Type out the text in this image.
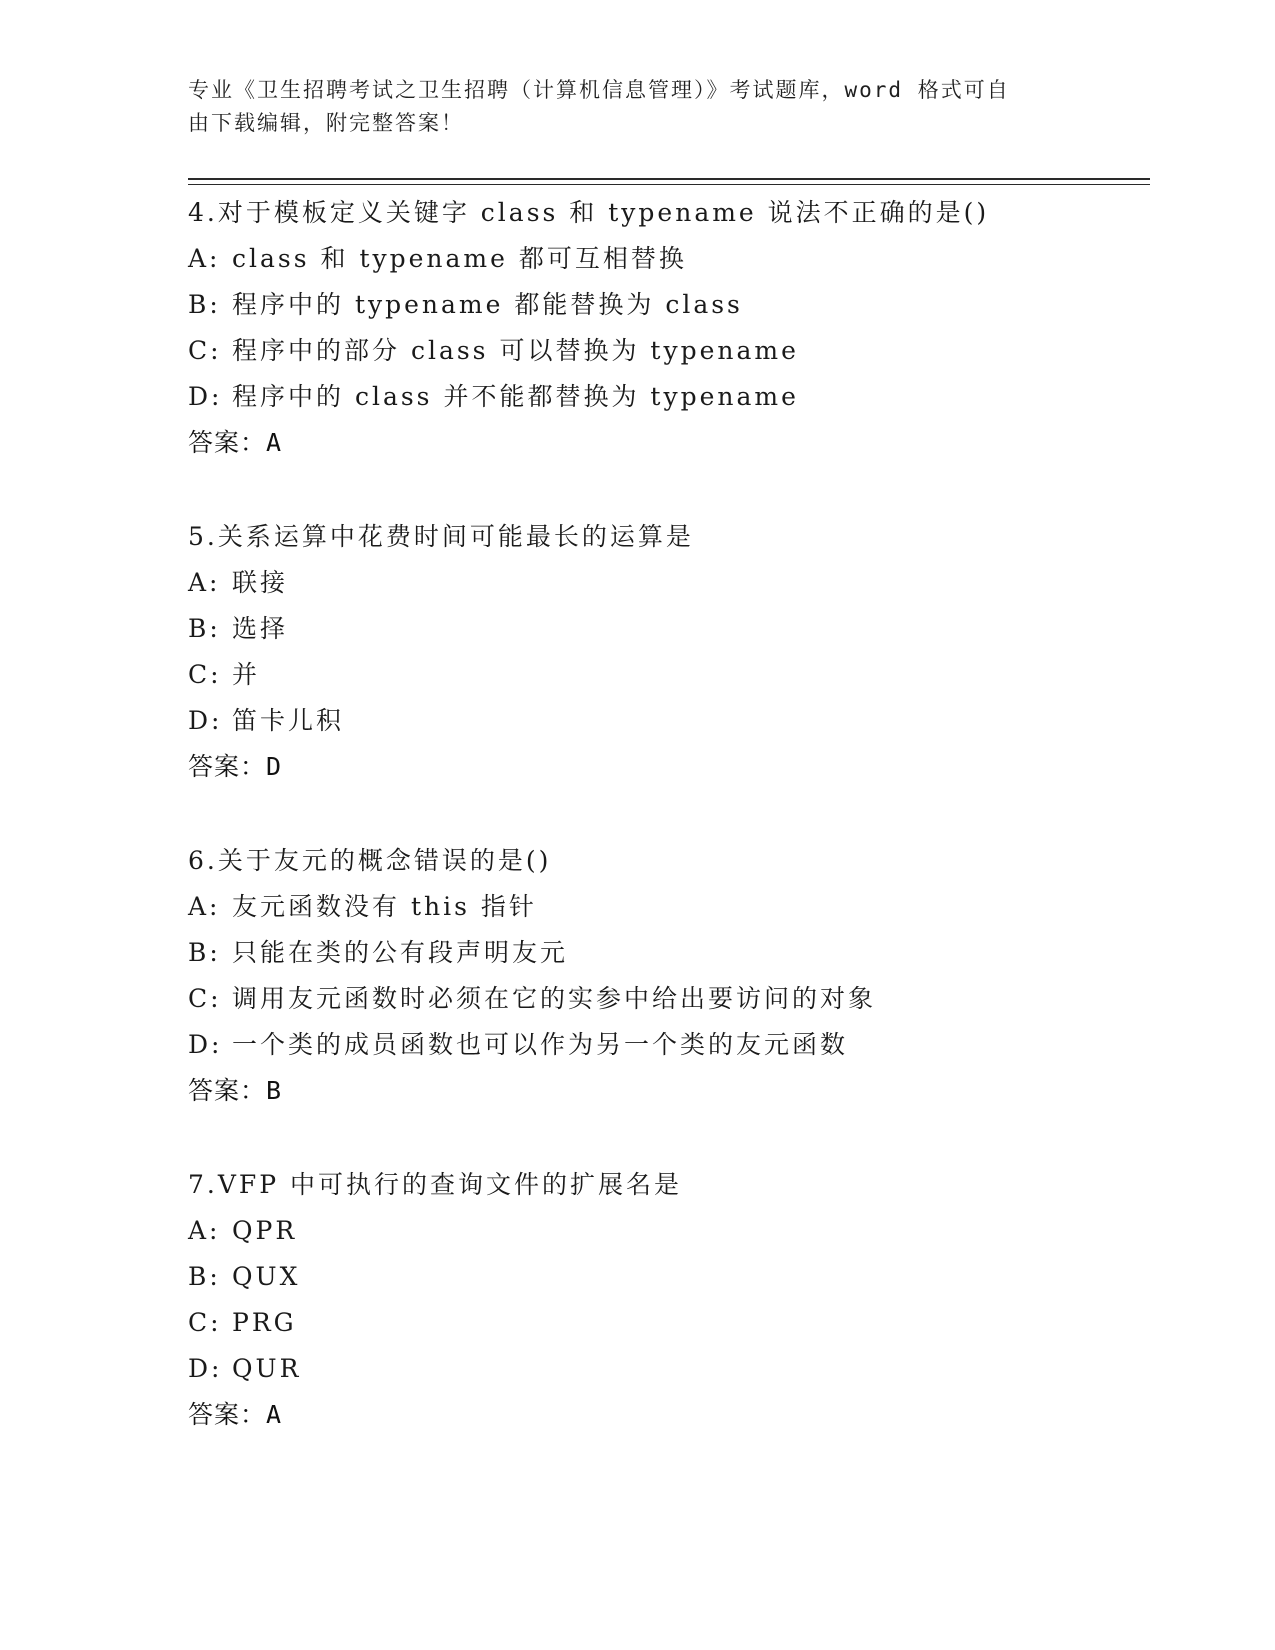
专业《卫生招聘考试之卫生招聘（计算机信息管理）》考试题库，word 格式可自
由下载编辑，附完整答案！
4.对于模板定义关键字 class 和 typename 说法不正确的是()
A: class 和 typename 都可互相替换
B: 程序中的 typename 都能替换为 class
C: 程序中的部分 class 可以替换为 typename
D: 程序中的 class 并不能都替换为 typename
答案：A
5.关系运算中花费时间可能最长的运算是
A: 联接
B: 选择
C: 并
D: 笛卡儿积
答案：D
6.关于友元的概念错误的是()
A: 友元函数没有 this 指针
B: 只能在类的公有段声明友元
C: 调用友元函数时必须在它的实参中给出要访问的对象
D: 一个类的成员函数也可以作为另一个类的友元函数
答案：B
7.VFP 中可执行的查询文件的扩展名是
A: QPR
B: QUX
C: PRG
D: QUR
答案：A
